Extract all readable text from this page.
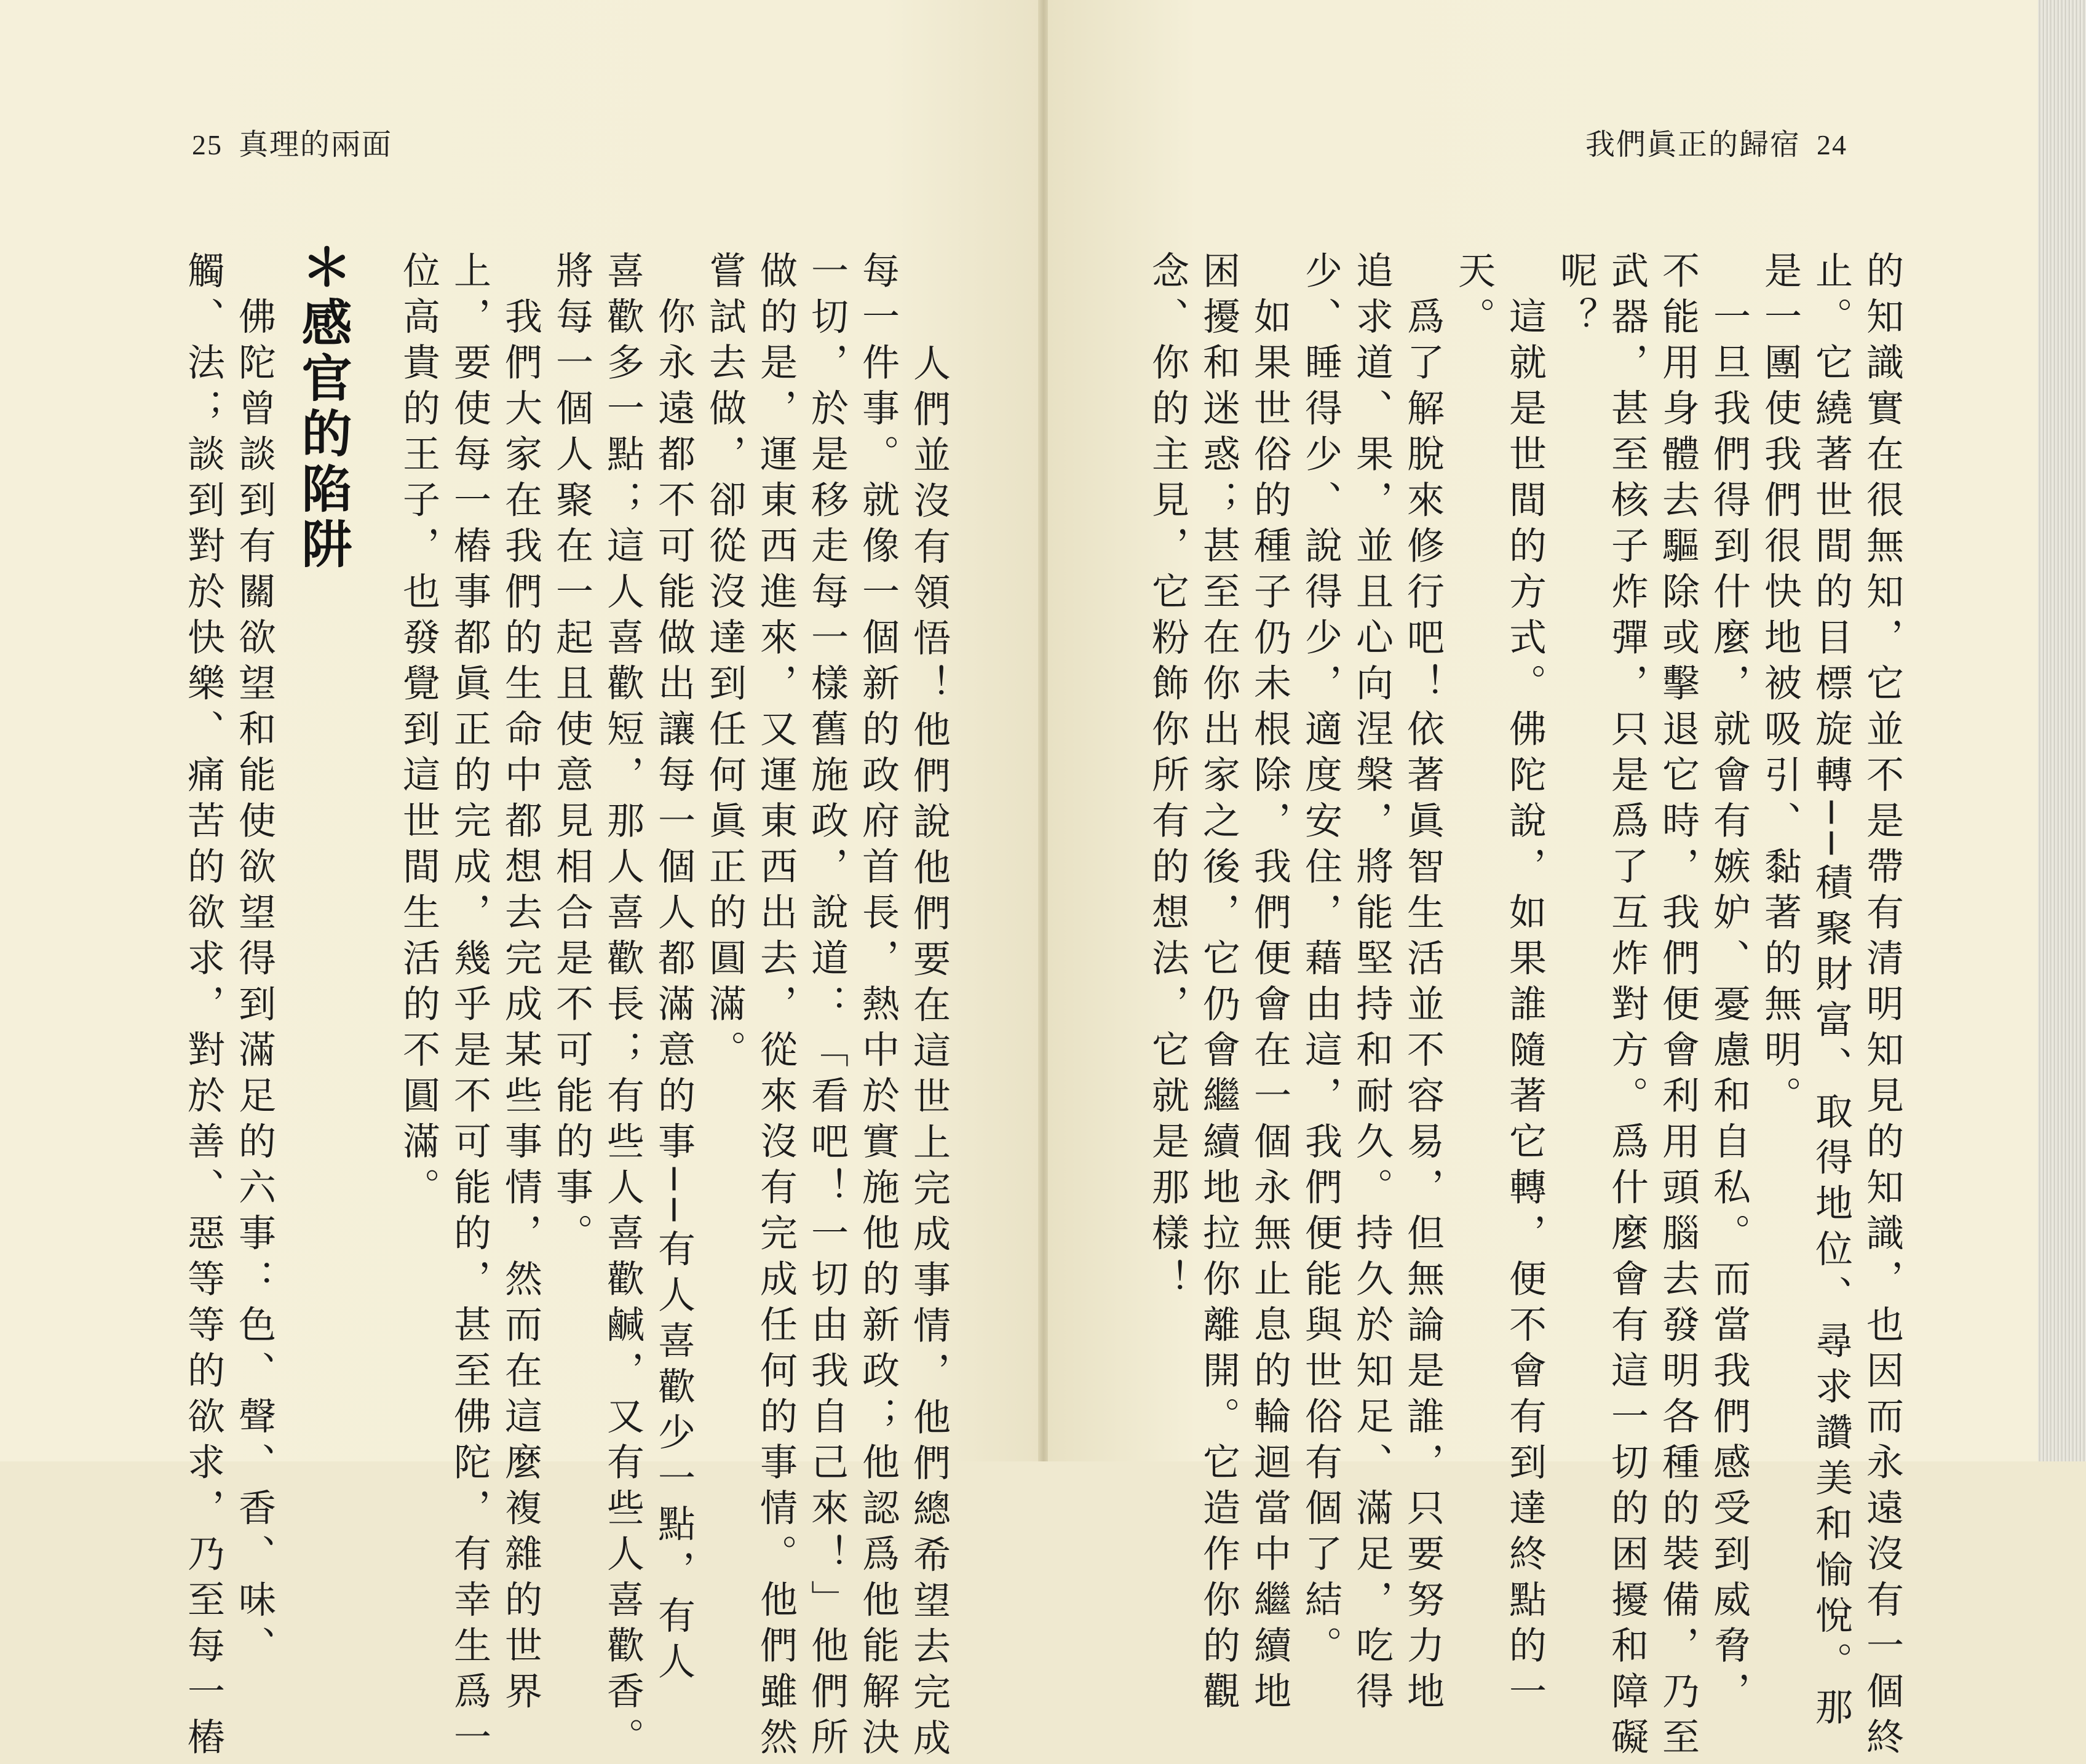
25 真理的兩面
　人們並沒有領悟！他們說他們要在這世上完成事情，他們總希望去完成
每一件事。就像一個新的政府首長，熱中於實施他的新政；他認爲他能解決
一切，於是移走每一樣舊施政，說道：「看吧！一切由我自己來！」他們所
做的是，運東西進來，又運東西出去，從來沒有完成任何的事情。他們雖然
嘗試去做，卻從沒達到任何眞正的圓滿。
　你永遠都不可能做出讓每一個人都滿意的事──有人喜歡少一點，有人
喜歡多一點；這人喜歡短，那人喜歡長；有些人喜歡鹹，又有些人喜歡香。
將每一個人聚在一起且使意見相合是不可能的事。
　我們大家在我們的生命中都想去完成某些事情，然而在這麼複雜的世界
上，要使每一樁事都眞正的完成，幾乎是不可能的，甚至佛陀，有幸生爲一
位高貴的王子，也發覺到這世間生活的不圓滿。
＊感官的陷阱
　佛陀曾談到有關欲望和能使欲望得到滿足的六事：色、聲、香、味、
觸、法；談到對於快樂、痛苦的欲求，對於善、惡等等的欲求，乃至每一樁
我們眞正的歸宿 24
的知識實在很無知，它並不是帶有清明知見的知識，也因而永遠沒有一個終
止。它繞著世間的目標旋轉──積聚財富、取得地位、尋求讚美和愉悅。那
是一團使我們很快地被吸引、黏著的無明。
　一旦我們得到什麼，就會有嫉妒、憂慮和自私。而當我們感受到威脅，
不能用身體去驅除或擊退它時，我們便會利用頭腦去發明各種的裝備，乃至
武器，甚至核子炸彈，只是爲了互炸對方。爲什麼會有這一切的困擾和障礙
呢？
　這就是世間的方式。佛陀說，如果誰隨著它轉，便不會有到達終點的一
天。
　爲了解脫來修行吧！依著眞智生活並不容易，但無論是誰，只要努力地
追求道、果，並且心向涅槃，將能堅持和耐久。持久於知足、滿足，吃得
少、睡得少、說得少，適度安住，藉由這，我們便能與世俗有個了結。
　如果世俗的種子仍未根除，我們便會在一個永無止息的輪迴當中繼續地
困擾和迷惑；甚至在你出家之後，它仍會繼續地拉你離開。它造作你的觀
念、你的主見，它粉飾你所有的想法，它就是那樣！
